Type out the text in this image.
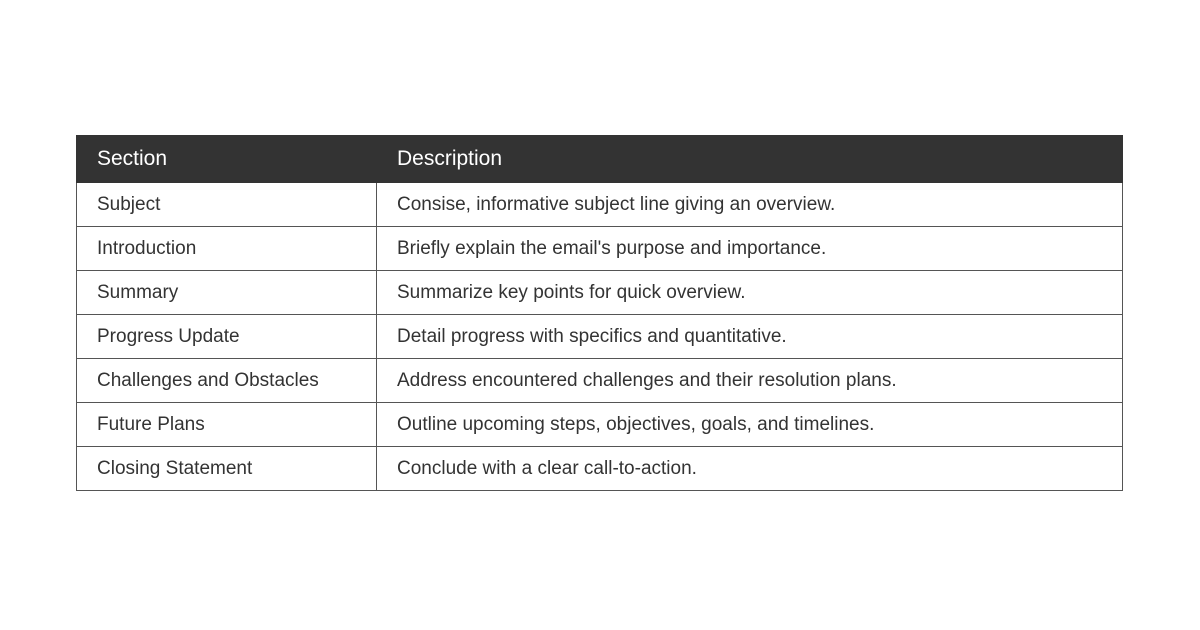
Section	Description
Subject	Consise, informative subject line giving an overview.
Introduction	Briefly explain the email's purpose and importance.
Summary	Summarize key points for quick overview.
Progress Update	Detail progress with specifics and quantitative.
Challenges and Obstacles	Address encountered challenges and their resolution plans.
Future Plans	Outline upcoming steps, objectives, goals, and timelines.
Closing Statement	Conclude with a clear call-to-action.
